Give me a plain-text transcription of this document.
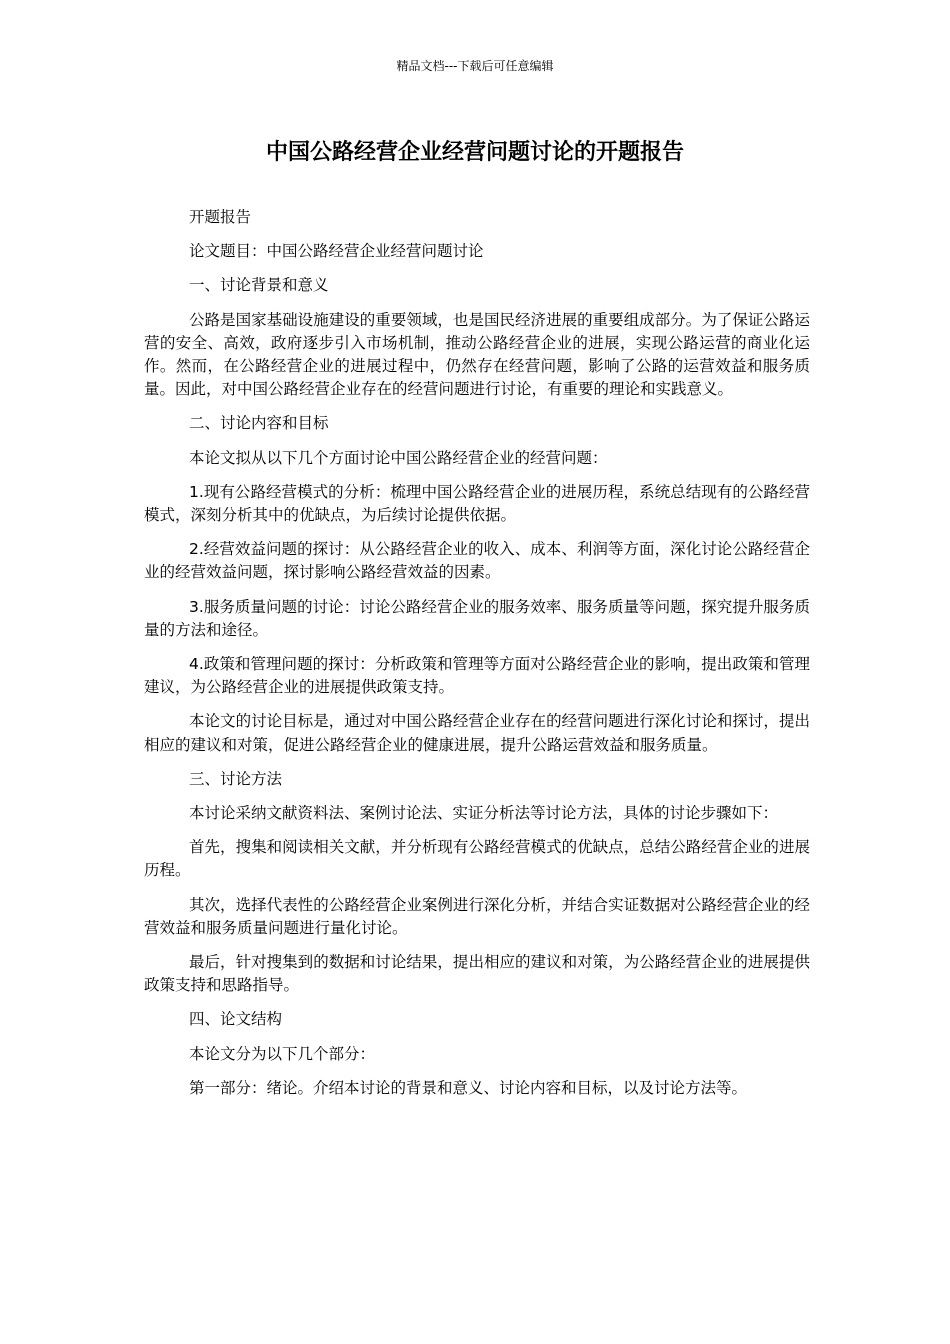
精品文档---下载后可任意编辑
中国公路经营企业经营问题讨论的开题报告

开题报告

论文题目：中国公路经营企业经营问题讨论

一、讨论背景和意义

公路是国家基础设施建设的重要领域，也是国民经济进展的重要组成部分。为了保证公路运营的安全、高效，政府逐步引入市场机制，推动公路经营企业的进展，实现公路运营的商业化运作。然而，在公路经营企业的进展过程中，仍然存在经营问题，影响了公路的运营效益和服务质量。因此，对中国公路经营企业存在的经营问题进行讨论，有重要的理论和实践意义。

二、讨论内容和目标

本论文拟从以下几个方面讨论中国公路经营企业的经营问题：

1.现有公路经营模式的分析：梳理中国公路经营企业的进展历程，系统总结现有的公路经营模式，深刻分析其中的优缺点，为后续讨论提供依据。

2.经营效益问题的探讨：从公路经营企业的收入、成本、利润等方面，深化讨论公路经营企业的经营效益问题，探讨影响公路经营效益的因素。

3.服务质量问题的讨论：讨论公路经营企业的服务效率、服务质量等问题，探究提升服务质量的方法和途径。

4.政策和管理问题的探讨：分析政策和管理等方面对公路经营企业的影响，提出政策和管理建议，为公路经营企业的进展提供政策支持。

本论文的讨论目标是，通过对中国公路经营企业存在的经营问题进行深化讨论和探讨，提出相应的建议和对策，促进公路经营企业的健康进展，提升公路运营效益和服务质量。

三、讨论方法

本讨论采纳文献资料法、案例讨论法、实证分析法等讨论方法，具体的讨论步骤如下：

首先，搜集和阅读相关文献，并分析现有公路经营模式的优缺点，总结公路经营企业的进展历程。

其次，选择代表性的公路经营企业案例进行深化分析，并结合实证数据对公路经营企业的经营效益和服务质量问题进行量化讨论。

最后，针对搜集到的数据和讨论结果，提出相应的建议和对策，为公路经营企业的进展提供政策支持和思路指导。

四、论文结构

本论文分为以下几个部分：

第一部分：绪论。介绍本讨论的背景和意义、讨论内容和目标，以及讨论方法等。
